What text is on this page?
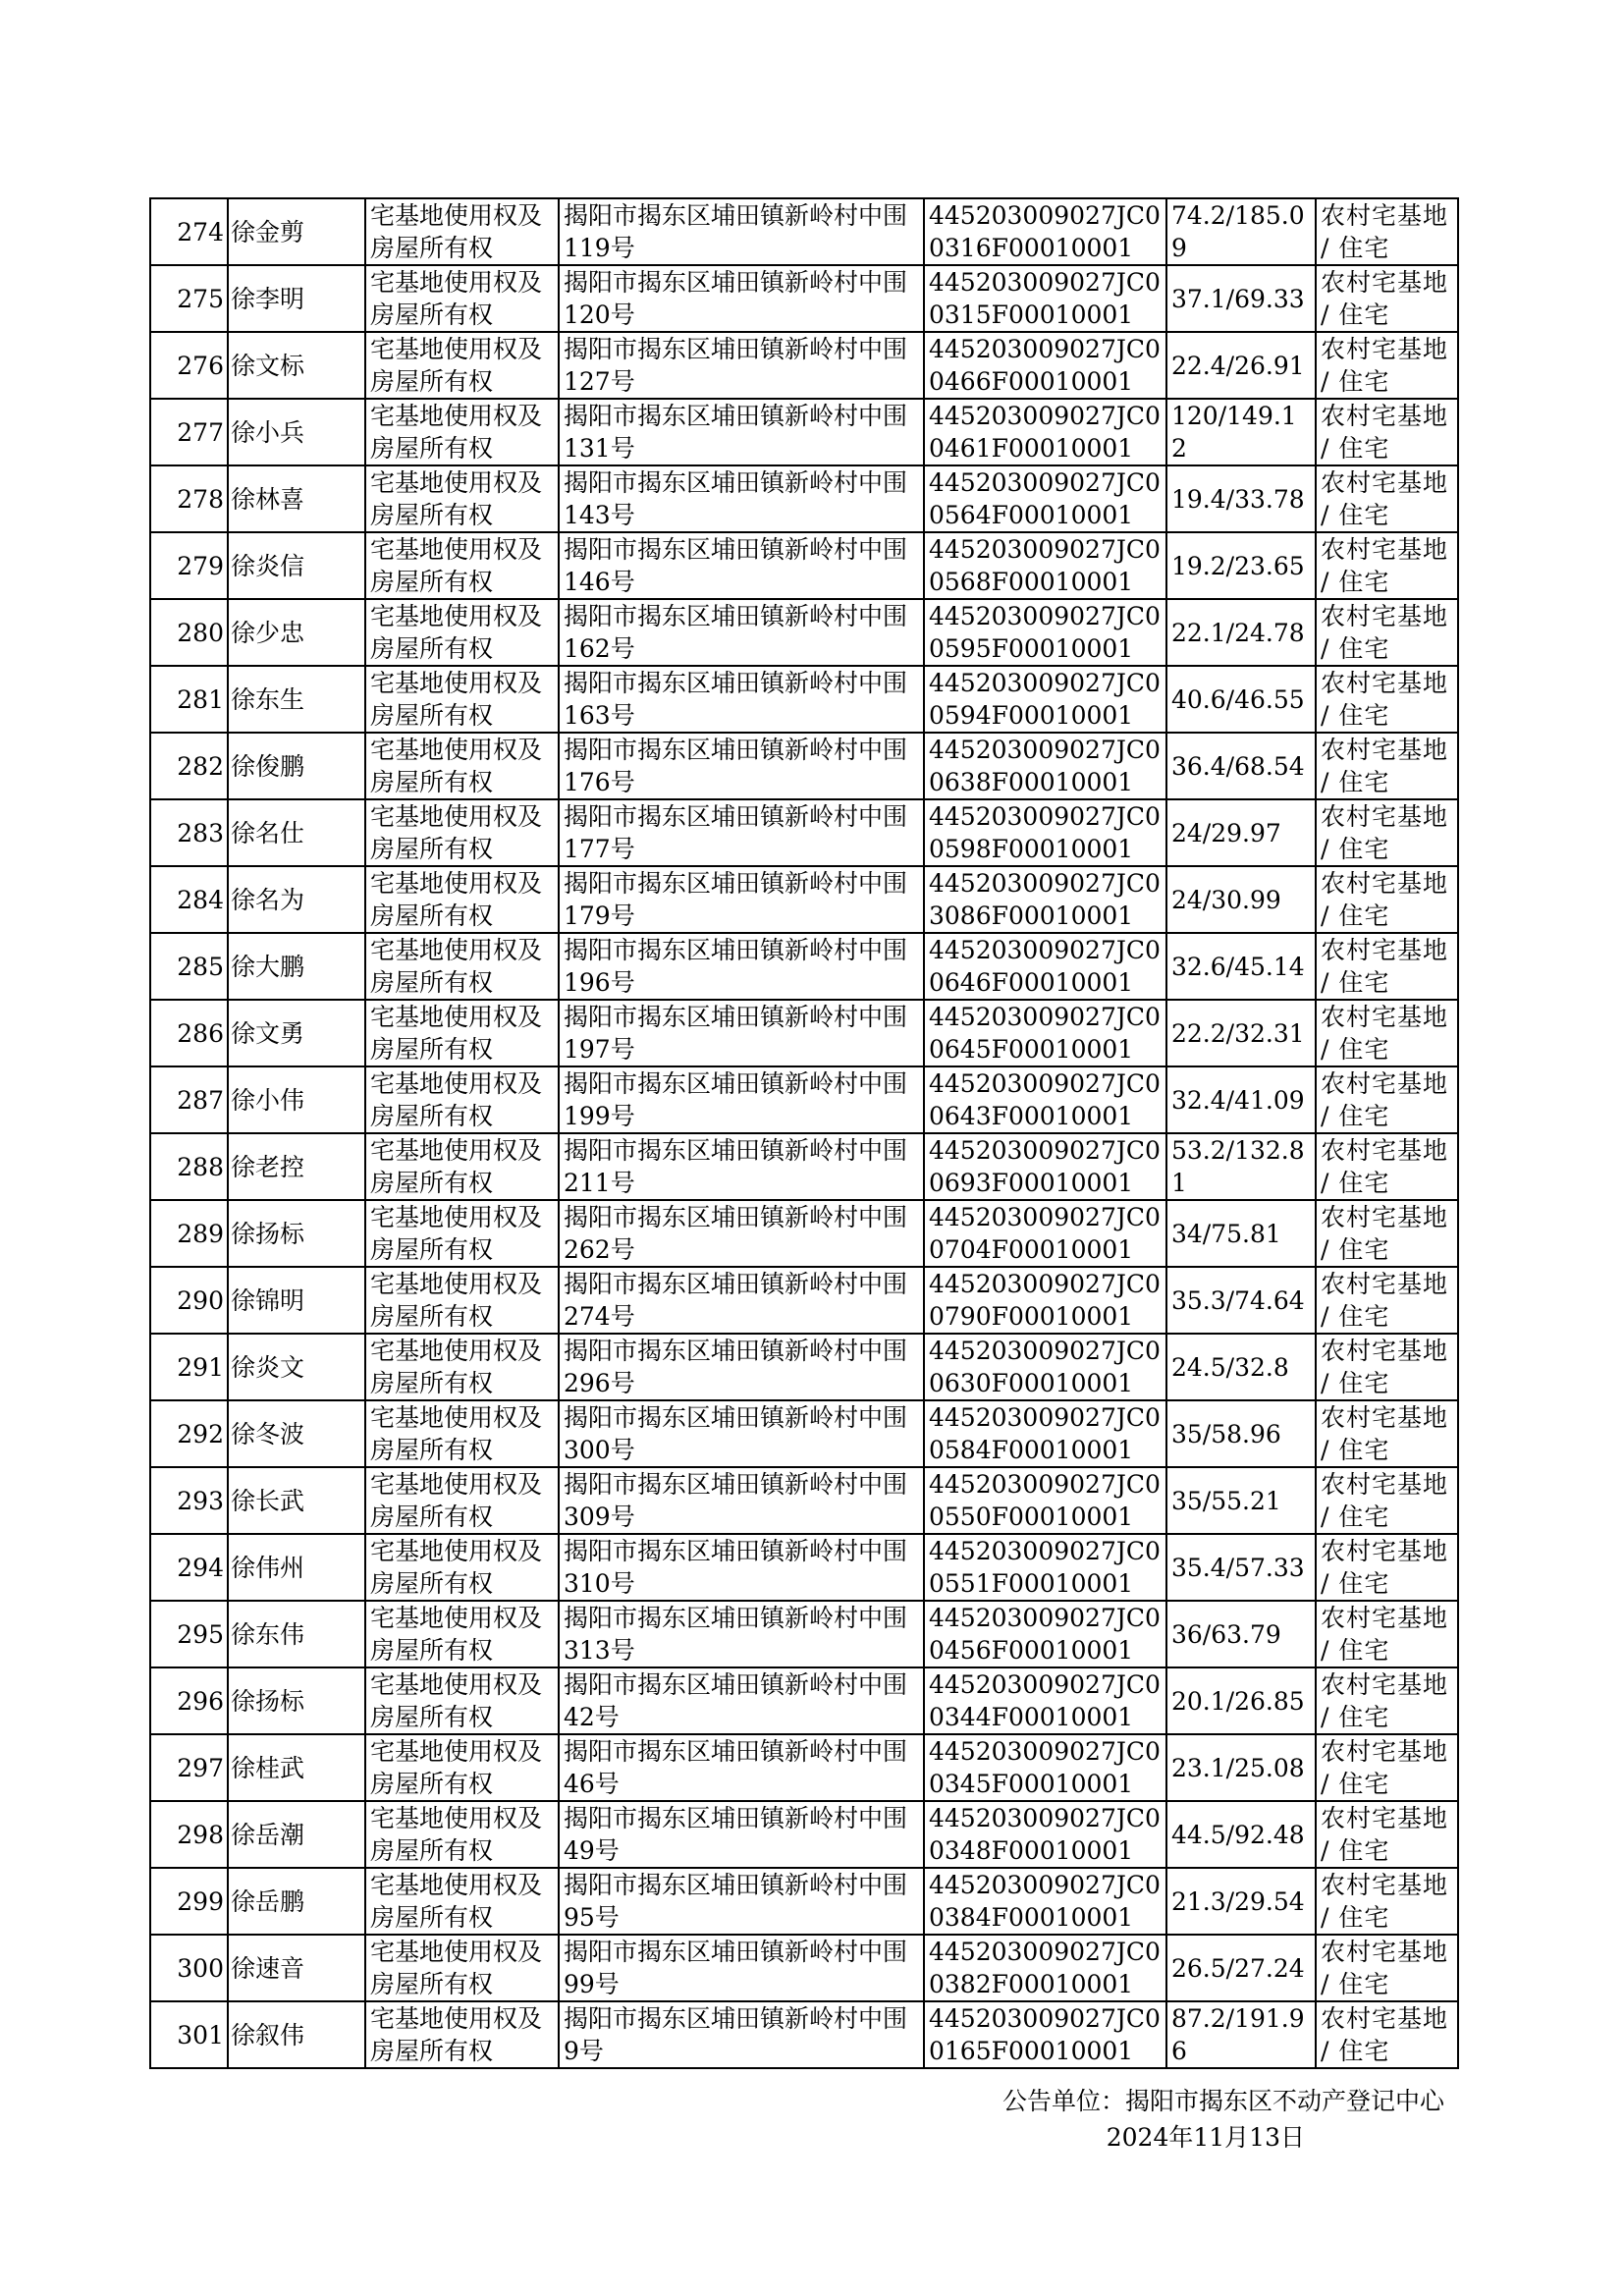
274	徐金剪	宅基地使用权及房屋所有权	揭阳市揭东区埔田镇新岭村中围119号	445203009027JC00316F00010001	74.2/185.09	农村宅基地 / 住宅
275	徐李明	宅基地使用权及房屋所有权	揭阳市揭东区埔田镇新岭村中围120号	445203009027JC00315F00010001	37.1/69.33	农村宅基地 / 住宅
276	徐文标	宅基地使用权及房屋所有权	揭阳市揭东区埔田镇新岭村中围127号	445203009027JC00466F00010001	22.4/26.91	农村宅基地 / 住宅
277	徐小兵	宅基地使用权及房屋所有权	揭阳市揭东区埔田镇新岭村中围131号	445203009027JC00461F00010001	120/149.12	农村宅基地 / 住宅
278	徐林喜	宅基地使用权及房屋所有权	揭阳市揭东区埔田镇新岭村中围143号	445203009027JC00564F00010001	19.4/33.78	农村宅基地 / 住宅
279	徐炎信	宅基地使用权及房屋所有权	揭阳市揭东区埔田镇新岭村中围146号	445203009027JC00568F00010001	19.2/23.65	农村宅基地 / 住宅
280	徐少忠	宅基地使用权及房屋所有权	揭阳市揭东区埔田镇新岭村中围162号	445203009027JC00595F00010001	22.1/24.78	农村宅基地 / 住宅
281	徐东生	宅基地使用权及房屋所有权	揭阳市揭东区埔田镇新岭村中围163号	445203009027JC00594F00010001	40.6/46.55	农村宅基地 / 住宅
282	徐俊鹏	宅基地使用权及房屋所有权	揭阳市揭东区埔田镇新岭村中围176号	445203009027JC00638F00010001	36.4/68.54	农村宅基地 / 住宅
283	徐名仕	宅基地使用权及房屋所有权	揭阳市揭东区埔田镇新岭村中围177号	445203009027JC00598F00010001	24/29.97	农村宅基地 / 住宅
284	徐名为	宅基地使用权及房屋所有权	揭阳市揭东区埔田镇新岭村中围179号	445203009027JC03086F00010001	24/30.99	农村宅基地 / 住宅
285	徐大鹏	宅基地使用权及房屋所有权	揭阳市揭东区埔田镇新岭村中围196号	445203009027JC00646F00010001	32.6/45.14	农村宅基地 / 住宅
286	徐文勇	宅基地使用权及房屋所有权	揭阳市揭东区埔田镇新岭村中围197号	445203009027JC00645F00010001	22.2/32.31	农村宅基地 / 住宅
287	徐小伟	宅基地使用权及房屋所有权	揭阳市揭东区埔田镇新岭村中围199号	445203009027JC00643F00010001	32.4/41.09	农村宅基地 / 住宅
288	徐老控	宅基地使用权及房屋所有权	揭阳市揭东区埔田镇新岭村中围211号	445203009027JC00693F00010001	53.2/132.81	农村宅基地 / 住宅
289	徐扬标	宅基地使用权及房屋所有权	揭阳市揭东区埔田镇新岭村中围262号	445203009027JC00704F00010001	34/75.81	农村宅基地 / 住宅
290	徐锦明	宅基地使用权及房屋所有权	揭阳市揭东区埔田镇新岭村中围274号	445203009027JC00790F00010001	35.3/74.64	农村宅基地 / 住宅
291	徐炎文	宅基地使用权及房屋所有权	揭阳市揭东区埔田镇新岭村中围296号	445203009027JC00630F00010001	24.5/32.8	农村宅基地 / 住宅
292	徐冬波	宅基地使用权及房屋所有权	揭阳市揭东区埔田镇新岭村中围300号	445203009027JC00584F00010001	35/58.96	农村宅基地 / 住宅
293	徐长武	宅基地使用权及房屋所有权	揭阳市揭东区埔田镇新岭村中围309号	445203009027JC00550F00010001	35/55.21	农村宅基地 / 住宅
294	徐伟州	宅基地使用权及房屋所有权	揭阳市揭东区埔田镇新岭村中围310号	445203009027JC00551F00010001	35.4/57.33	农村宅基地 / 住宅
295	徐东伟	宅基地使用权及房屋所有权	揭阳市揭东区埔田镇新岭村中围313号	445203009027JC00456F00010001	36/63.79	农村宅基地 / 住宅
296	徐扬标	宅基地使用权及房屋所有权	揭阳市揭东区埔田镇新岭村中围42号	445203009027JC00344F00010001	20.1/26.85	农村宅基地 / 住宅
297	徐桂武	宅基地使用权及房屋所有权	揭阳市揭东区埔田镇新岭村中围46号	445203009027JC00345F00010001	23.1/25.08	农村宅基地 / 住宅
298	徐岳潮	宅基地使用权及房屋所有权	揭阳市揭东区埔田镇新岭村中围49号	445203009027JC00348F00010001	44.5/92.48	农村宅基地 / 住宅
299	徐岳鹏	宅基地使用权及房屋所有权	揭阳市揭东区埔田镇新岭村中围95号	445203009027JC00384F00010001	21.3/29.54	农村宅基地 / 住宅
300	徐速音	宅基地使用权及房屋所有权	揭阳市揭东区埔田镇新岭村中围99号	445203009027JC00382F00010001	26.5/27.24	农村宅基地 / 住宅
301	徐叙伟	宅基地使用权及房屋所有权	揭阳市揭东区埔田镇新岭村中围9号	445203009027JC00165F00010001	87.2/191.96	农村宅基地 / 住宅
公告单位：揭阳市揭东区不动产登记中心
2024年11月13日
